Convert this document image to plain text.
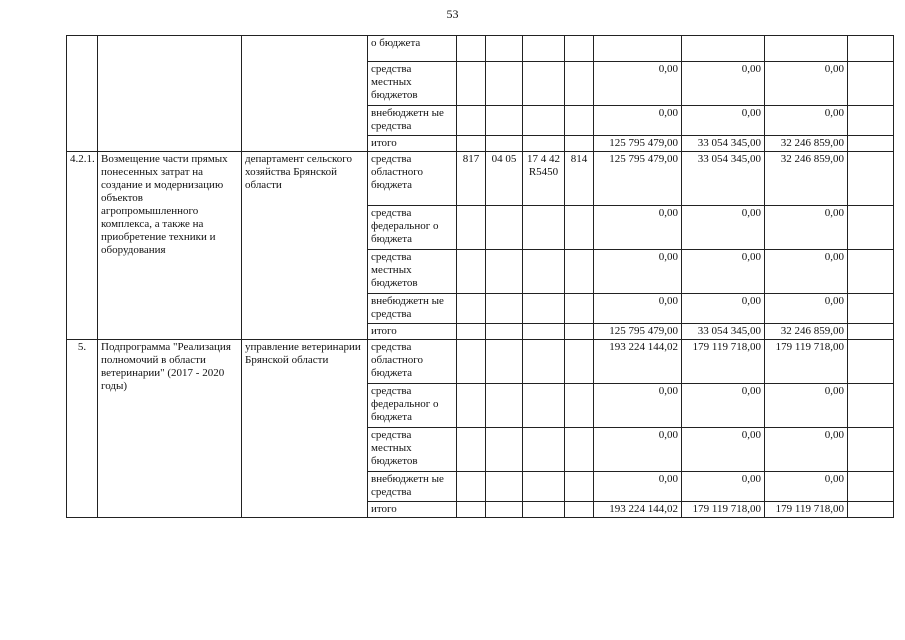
53
			о бюджета								
			средства местных бюджетов					0,00	0,00	0,00	
			внебюджетн ые средства					0,00	0,00	0,00	
			итого					125 795 479,00	33 054 345,00	32 246 859,00	
4.2.1.	Возмещение части прямых понесенных затрат на создание и модернизацию объектов агропромышленного комплекса, а также на приобретение техники и оборудования	департамент сельского хозяйства Брянской области	средства областного бюджета	817	04 05	17 4 42 R5450	814	125 795 479,00	33 054 345,00	32 246 859,00	
			средства федеральног о бюджета					0,00	0,00	0,00	
			средства местных бюджетов					0,00	0,00	0,00	
			внебюджетн ые средства					0,00	0,00	0,00	
			итого					125 795 479,00	33 054 345,00	32 246 859,00	
5.	Подпрограмма "Реализация полномочий в области ветеринарии" (2017 - 2020 годы)	управление ветеринарии Брянской области	средства областного бюджета					193 224 144,02	179 119 718,00	179 119 718,00	
			средства федеральног о бюджета					0,00	0,00	0,00	
			средства местных бюджетов					0,00	0,00	0,00	
			внебюджетн ые средства					0,00	0,00	0,00	
			итого					193 224 144,02	179 119 718,00	179 119 718,00	
